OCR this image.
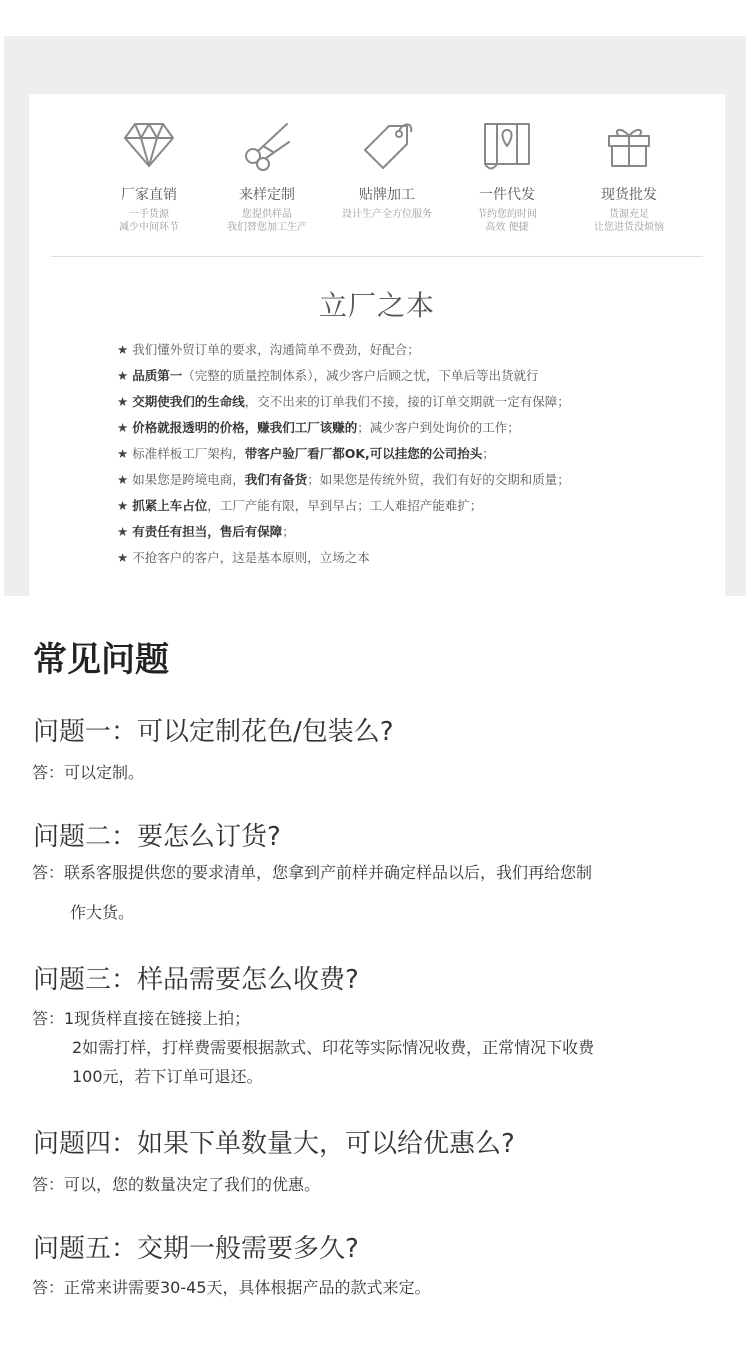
厂家直销
一手货源
减少中间环节
来样定制
您提供样品
我们替您加工生产
贴牌加工
设计生产全方位服务
一件代发
节约您的时间
高效 便捷
现货批发
货源充足
让您进货没烦恼
立厂之本
★ 我们懂外贸订单的要求，沟通简单不费劲，好配合；
★ 品质第一（完整的质量控制体系），减少客户后顾之忧，下单后等出货就行
★ 交期使我们的生命线，交不出来的订单我们不接，接的订单交期就一定有保障；
★ 价格就报透明的价格，赚我们工厂该赚的；减少客户到处询价的工作；
★ 标准样板工厂架构，带客户验厂看厂都OK,可以挂您的公司抬头；
★ 如果您是跨境电商，我们有备货；如果您是传统外贸，我们有好的交期和质量；
★ 抓紧上车占位，工厂产能有限，早到早占；工人难招产能难扩；
★ 有责任有担当，售后有保障；
★ 不抢客户的客户，这是基本原则，立场之本
常见问题
问题一：可以定制花色/包装么?
答：可以定制。
问题二：要怎么订货?
答：联系客服提供您的要求清单，您拿到产前样并确定样品以后，我们再给您制
作大货。
问题三：样品需要怎么收费?
答：1现货样直接在链接上拍；
2如需打样，打样费需要根据款式、印花等实际情况收费，正常情况下收费
100元，若下订单可退还。
问题四：如果下单数量大，可以给优惠么?
答：可以，您的数量决定了我们的优惠。
问题五：交期一般需要多久?
答：正常来讲需要30-45天，具体根据产品的款式来定。
